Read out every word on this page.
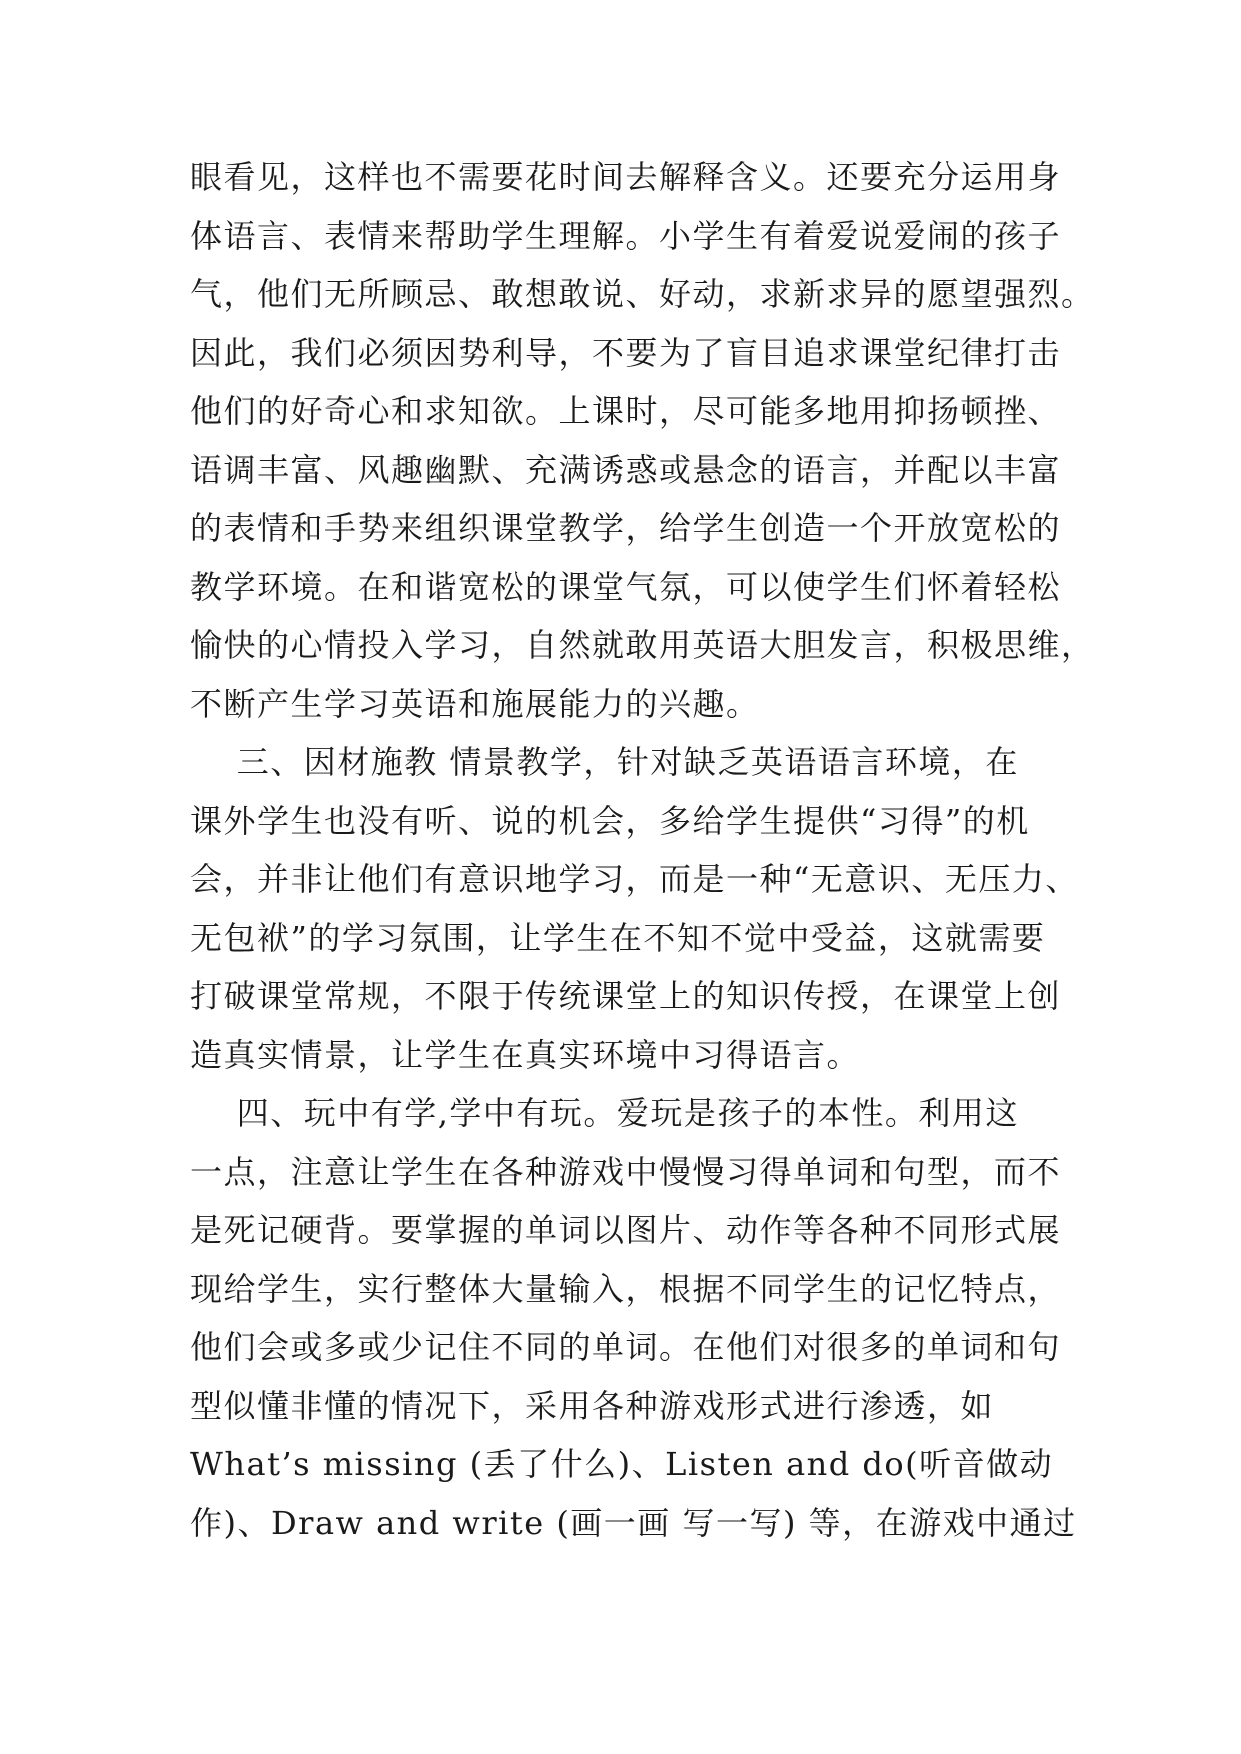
眼看见，这样也不需要花时间去解释含义。还要充分运用身
体语言、表情来帮助学生理解。小学生有着爱说爱闹的孩子
气，他们无所顾忌、敢想敢说、好动，求新求异的愿望强烈。
因此，我们必须因势利导，不要为了盲目追求课堂纪律打击
他们的好奇心和求知欲。上课时，尽可能多地用抑扬顿挫、
语调丰富、风趣幽默、充满诱惑或悬念的语言，并配以丰富
的表情和手势来组织课堂教学，给学生创造一个开放宽松的
教学环境。在和谐宽松的课堂气氛，可以使学生们怀着轻松
愉快的心情投入学习，自然就敢用英语大胆发言，积极思维，
不断产生学习英语和施展能力的兴趣。
三、因材施教 情景教学，针对缺乏英语语言环境，在
课外学生也没有听、说的机会，多给学生提供“习得”的机
会，并非让他们有意识地学习，而是一种“无意识、无压力、
无包袱”的学习氛围，让学生在不知不觉中受益，这就需要
打破课堂常规，不限于传统课堂上的知识传授，在课堂上创
造真实情景，让学生在真实环境中习得语言。
四、玩中有学,学中有玩。爱玩是孩子的本性。利用这
一点，注意让学生在各种游戏中慢慢习得单词和句型，而不
是死记硬背。要掌握的单词以图片、动作等各种不同形式展
现给学生，实行整体大量输入，根据不同学生的记忆特点，
他们会或多或少记住不同的单词。在他们对很多的单词和句
型似懂非懂的情况下，采用各种游戏形式进行渗透，如
What’s missing (丢了什么)、Listen and do(听音做动
作)、Draw and write (画一画 写一写) 等，在游戏中通过
